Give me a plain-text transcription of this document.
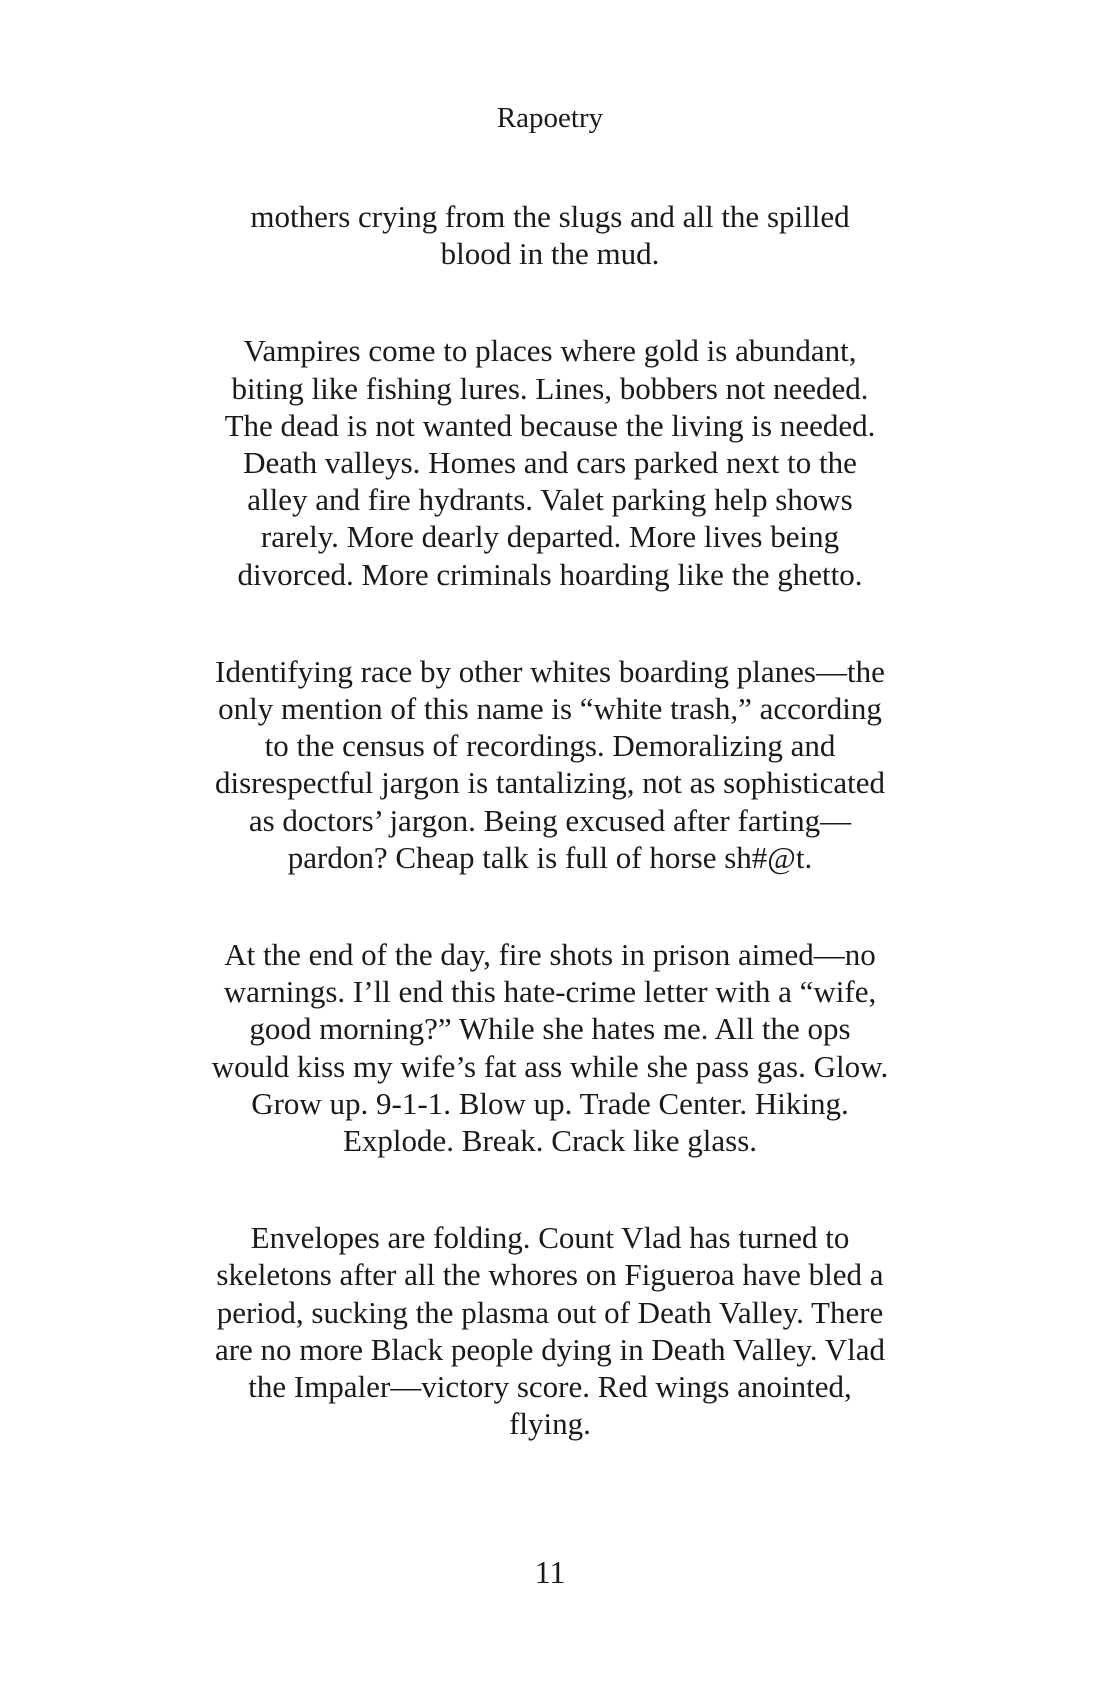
Rapoetry
mothers crying from the slugs and all the spilled
blood in the mud.
Vampires come to places where gold is abundant,
biting like fishing lures. Lines, bobbers not needed.
The dead is not wanted because the living is needed.
Death valleys. Homes and cars parked next to the
alley and fire hydrants. Valet parking help shows
rarely. More dearly departed. More lives being
divorced. More criminals hoarding like the ghetto.
Identifying race by other whites boarding planes—the
only mention of this name is “white trash,” according
to the census of recordings. Demoralizing and
disrespectful jargon is tantalizing, not as sophisticated
as doctors’ jargon. Being excused after farting—
pardon? Cheap talk is full of horse sh#@t.
At the end of the day, fire shots in prison aimed—no
warnings. I’ll end this hate-crime letter with a “wife,
good morning?” While she hates me. All the ops
would kiss my wife’s fat ass while she pass gas. Glow.
Grow up. 9-1-1. Blow up. Trade Center. Hiking.
Explode. Break. Crack like glass.
Envelopes are folding. Count Vlad has turned to
skeletons after all the whores on Figueroa have bled a
period, sucking the plasma out of Death Valley. There
are no more Black people dying in Death Valley. Vlad
the Impaler—victory score. Red wings anointed,
flying.
11
